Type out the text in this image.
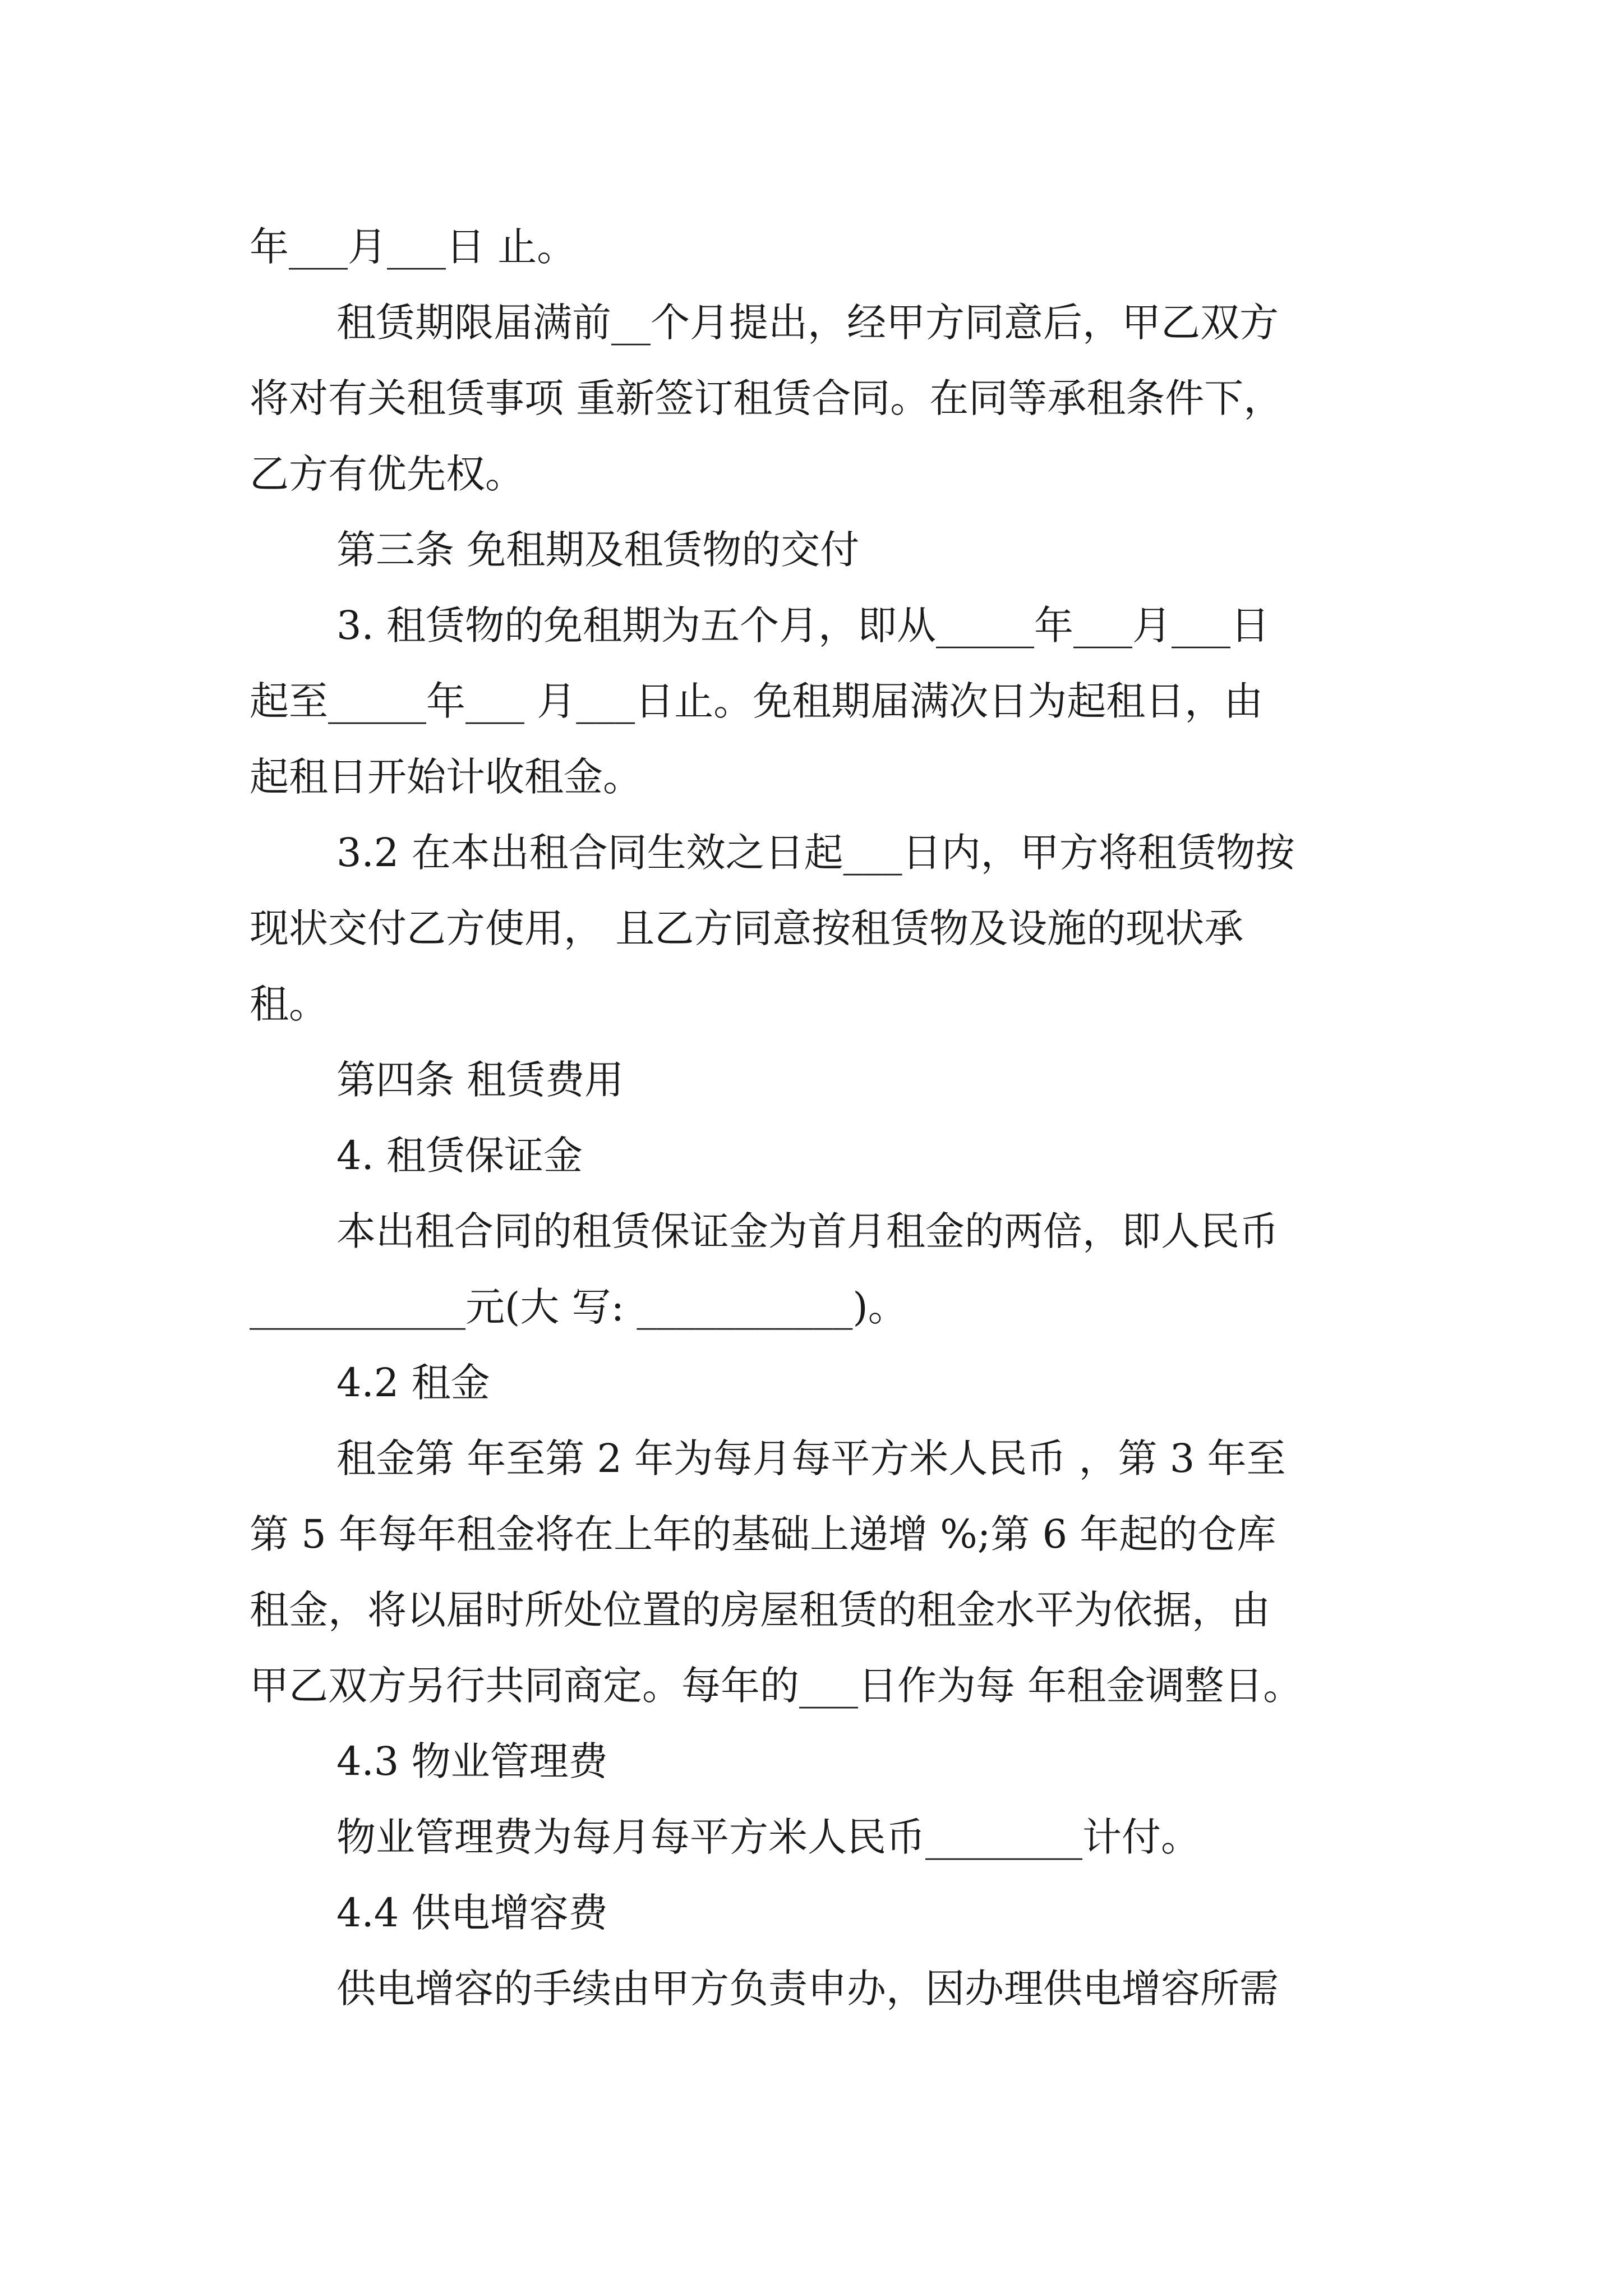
年___月___日 止。
租赁期限届满前__个月提出，经甲方同意后，甲乙双方
将对有关租赁事项 重新签订租赁合同。在同等承租条件下，
乙方有优先权。
第三条 免租期及租赁物的交付
3. 租赁物的免租期为五个月，即从_____年___月___日
起至_____年___ 月___日止。免租期届满次日为起租日，由
起租日开始计收租金。
3.2 在本出租合同生效之日起___日内，甲方将租赁物按
现状交付乙方使用， 且乙方同意按租赁物及设施的现状承
租。
第四条 租赁费用
4. 租赁保证金
本出租合同的租赁保证金为首月租金的两倍，即人民币
___________元(大 写: ___________)。
4.2 租金
租金第 年至第 2 年为每月每平方米人民币 ，第 3 年至
第 5 年每年租金将在上年的基础上递增 %;第 6 年起的仓库
租金，将以届时所处位置的房屋租赁的租金水平为依据，由
甲乙双方另行共同商定。每年的___日作为每 年租金调整日。
4.3 物业管理费
物业管理费为每月每平方米人民币________计付。
4.4 供电增容费
供电增容的手续由甲方负责申办，因办理供电增容所需
